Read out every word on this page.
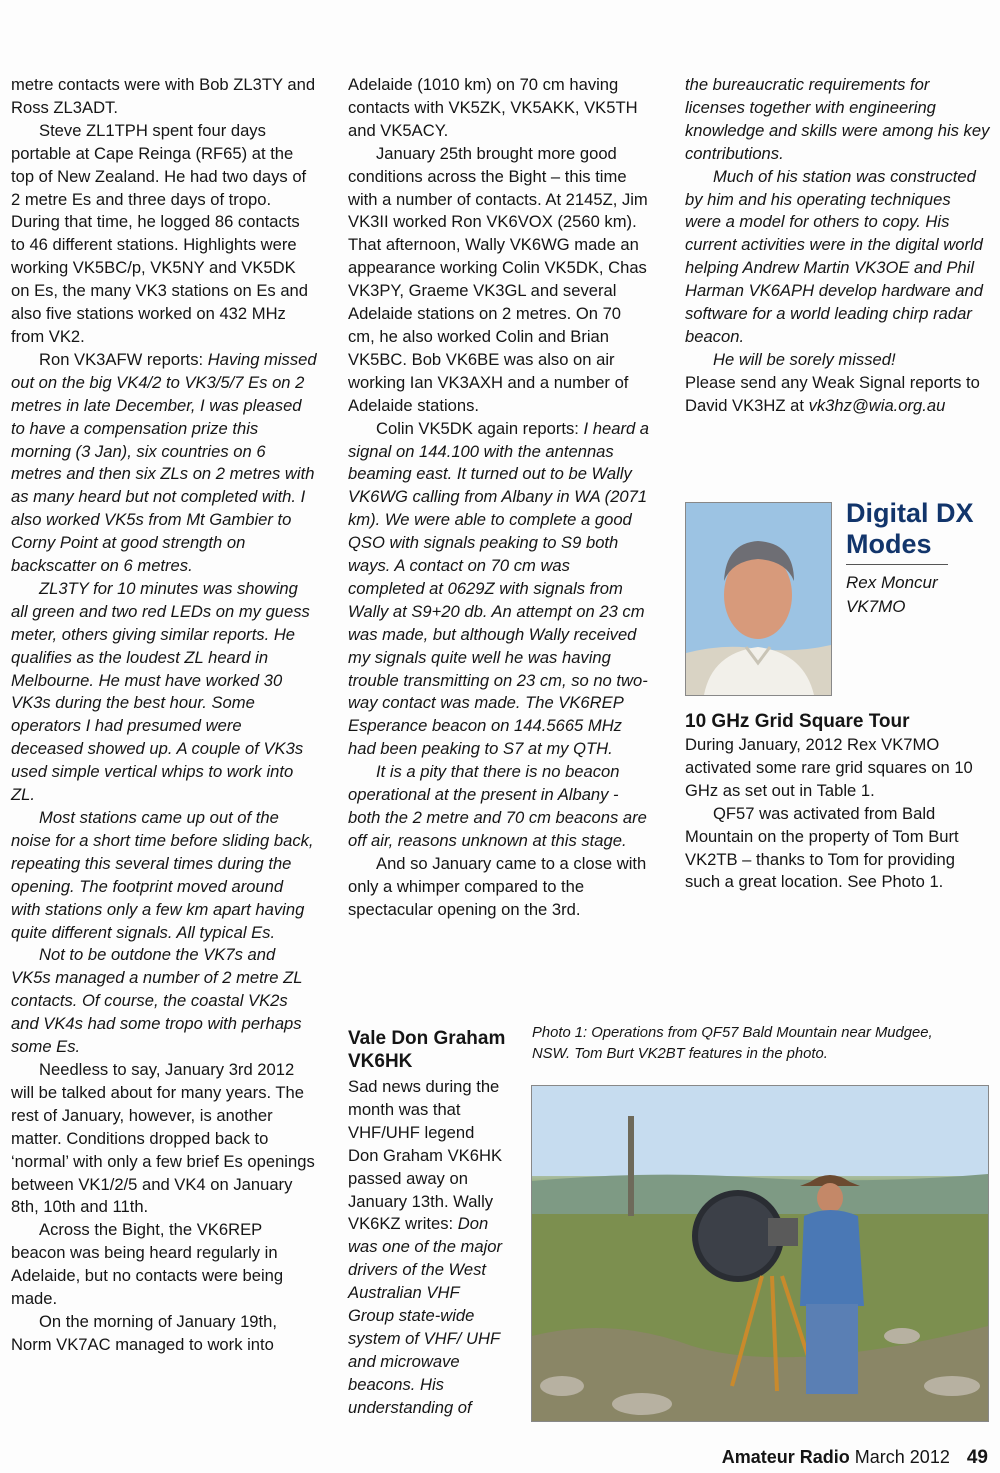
metre contacts were with Bob ZL3TY and Ross ZL3ADT.

Steve ZL1TPH spent four days portable at Cape Reinga (RF65) at the top of New Zealand. He had two days of 2 metre Es and three days of tropo. During that time, he logged 86 contacts to 46 different stations. Highlights were working VK5BC/p, VK5NY and VK5DK on Es, the many VK3 stations on Es and also five stations worked on 432 MHz from VK2.

Ron VK3AFW reports: Having missed out on the big VK4/2 to VK3/5/7 Es on 2 metres in late December, I was pleased to have a compensation prize this morning (3 Jan), six countries on 6 metres and then six ZLs on 2 metres with as many heard but not completed with. I also worked VK5s from Mt Gambier to Corny Point at good strength on backscatter on 6 metres.

ZL3TY for 10 minutes was showing all green and two red LEDs on my guess meter, others giving similar reports. He qualifies as the loudest ZL heard in Melbourne. He must have worked 30 VK3s during the best hour. Some operators I had presumed were deceased showed up. A couple of VK3s used simple vertical whips to work into ZL.

Most stations came up out of the noise for a short time before sliding back, repeating this several times during the opening. The footprint moved around with stations only a few km apart having quite different signals. All typical Es.

Not to be outdone the VK7s and VK5s managed a number of 2 metre ZL contacts. Of course, the coastal VK2s and VK4s had some tropo with perhaps some Es.

Needless to say, January 3rd 2012 will be talked about for many years. The rest of January, however, is another matter. Conditions dropped back to ‘normal’ with only a few brief Es openings between VK1/2/5 and VK4 on January 8th, 10th and 11th.

Across the Bight, the VK6REP beacon was being heard regularly in Adelaide, but no contacts were being made.

On the morning of January 19th, Norm VK7AC managed to work into

Adelaide (1010 km) on 70 cm having contacts with VK5ZK, VK5AKK, VK5TH and VK5ACY.

January 25th brought more good conditions across the Bight – this time with a number of contacts. At 2145Z, Jim VK3II worked Ron VK6VOX (2560 km). That afternoon, Wally VK6WG made an appearance working Colin VK5DK, Chas VK3PY, Graeme VK3GL and several Adelaide stations on 2 metres. On 70 cm, he also worked Colin and Brian VK5BC. Bob VK6BE was also on air working Ian VK3AXH and a number of Adelaide stations.

Colin VK5DK again reports: I heard a signal on 144.100 with the antennas beaming east. It turned out to be Wally VK6WG calling from Albany in WA (2071 km). We were able to complete a good QSO with signals peaking to S9 both ways. A contact on 70 cm was completed at 0629Z with signals from Wally at S9+20 db. An attempt on 23 cm was made, but although Wally received my signals quite well he was having trouble transmitting on 23 cm, so no two-way contact was made. The VK6REP Esperance beacon on 144.5665 MHz had been peaking to S7 at my QTH.

It is a pity that there is no beacon operational at the present in Albany - both the 2 metre and 70 cm beacons are off air, reasons unknown at this stage.

And so January came to a close with only a whimper compared to the spectacular opening on the 3rd.

Vale Don Graham VK6HK

Sad news during the month was that VHF/UHF legend Don Graham VK6HK passed away on January 13th. Wally VK6KZ writes: Don was one of the major drivers of the West Australian VHF Group state-wide system of VHF/ UHF and microwave beacons. His understanding of

the bureaucratic requirements for licenses together with engineering knowledge and skills were among his key contributions.

Much of his station was constructed by him and his operating techniques were a model for others to copy. His current activities were in the digital world helping Andrew Martin VK3OE and Phil Harman VK6APH develop hardware and software for a world leading chirp radar beacon.

He will be sorely missed!

Please send any Weak Signal reports to David VK3HZ at vk3hz@wia.org.au

Digital DX
Modes

Rex Moncur

VK7MO

10 GHz Grid Square Tour

During January, 2012 Rex VK7MO activated some rare grid squares on 10 GHz as set out in Table 1.

QF57 was activated from Bald Mountain on the property of Tom Burt VK2TB – thanks to Tom for providing such a great location. See Photo 1.

Photo 1: Operations from QF57 Bald Mountain near Mudgee, NSW. Tom Burt VK2BT features in the photo.
Amateur Radio March 2012 49
